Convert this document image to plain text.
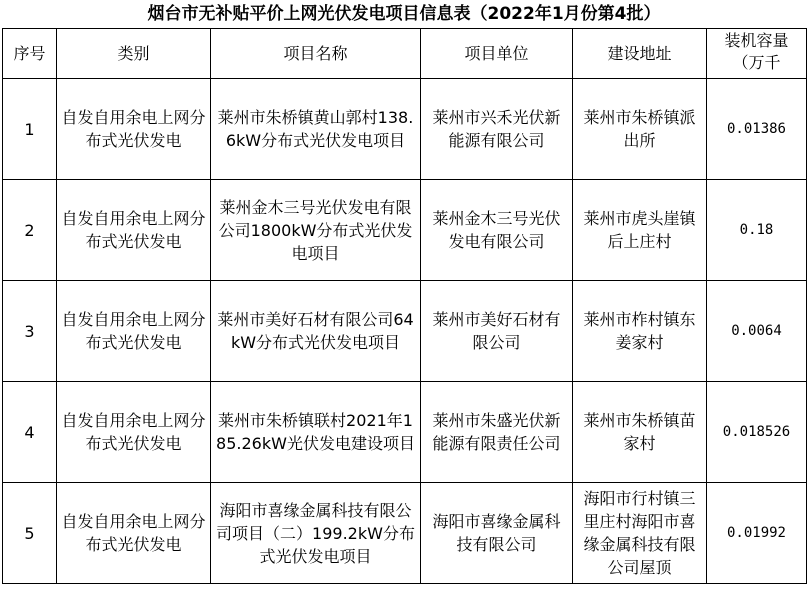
烟台市无补贴平价上网光伏发电项目信息表（2022年1月份第4批）
序号	类别	项目名称	项目单位	建设地址	装机容量（万千
1	自发自用余电上网分布式光伏发电	莱州市朱桥镇黄山郭村138.6kW分布式光伏发电项目	莱州市兴禾光伏新能源有限公司	莱州市朱桥镇派出所	0.01386
2	自发自用余电上网分布式光伏发电	莱州金木三号光伏发电有限公司1800kW分布式光伏发电项目	莱州金木三号光伏发电有限公司	莱州市虎头崖镇后上庄村	0.18
3	自发自用余电上网分布式光伏发电	莱州市美好石材有限公司64kW分布式光伏发电项目	莱州市美好石材有限公司	莱州市柞村镇东姜家村	0.0064
4	自发自用余电上网分布式光伏发电	莱州市朱桥镇联村2021年185.26kW光伏发电建设项目	莱州市朱盛光伏新能源有限责任公司	莱州市朱桥镇苗家村	0.018526
5	自发自用余电上网分布式光伏发电	海阳市喜缘金属科技有限公司项目（二）199.2kW分布式光伏发电项目	海阳市喜缘金属科技有限公司	海阳市行村镇三里庄村海阳市喜缘金属科技有限公司屋顶	0.01992
